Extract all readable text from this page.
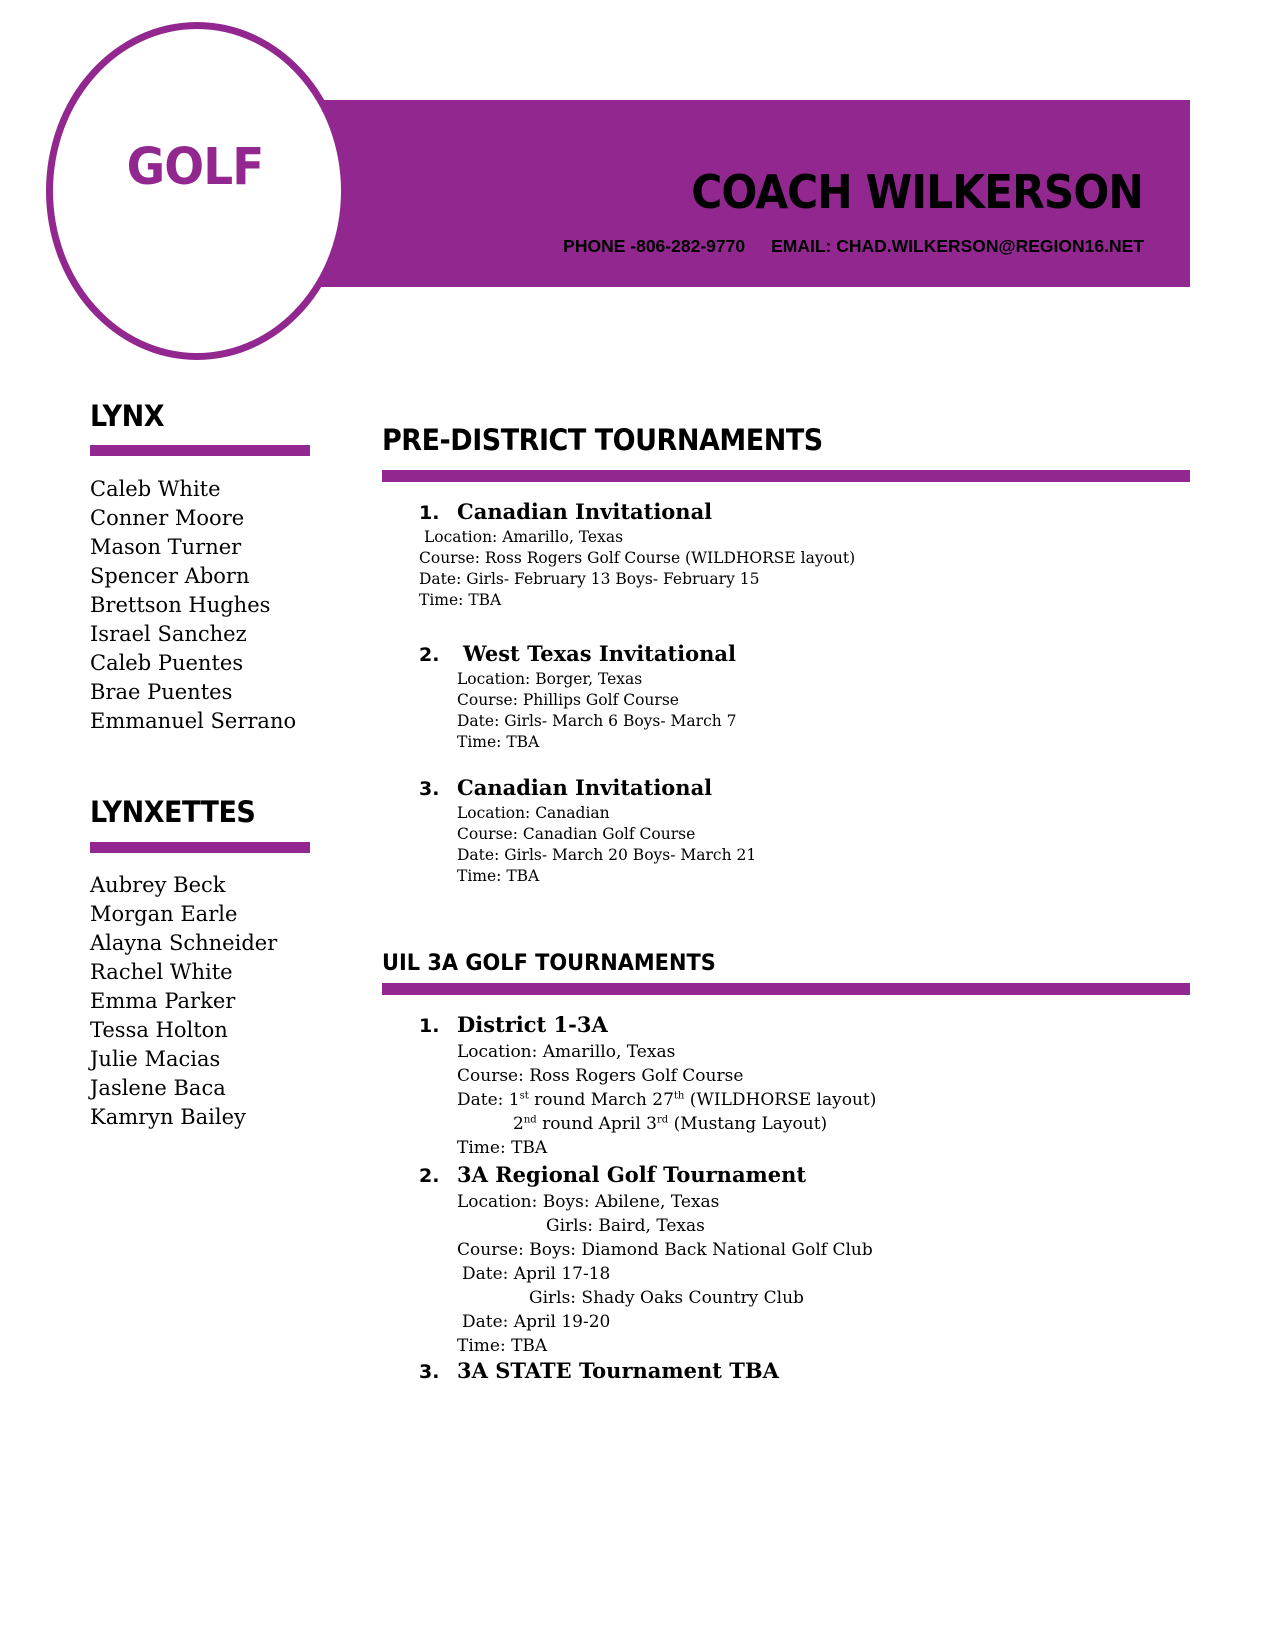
GOLF	COACH WILKERSON
PHONE -806-282-9770 EMAIL: CHAD.WILKERSON@REGION16.NET
LYNX
Caleb White
Conner Moore
Mason Turner
Spencer Aborn
Brettson Hughes
Israel Sanchez
Caleb Puentes
Brae Puentes
Emmanuel Serrano
LYNXETTES
Aubrey Beck
Morgan Earle
Alayna Schneider
Rachel White
Emma Parker
Tessa Holton
Julie Macias
Jaslene Baca
Kamryn Bailey
PRE-DISTRICT TOURNAMENTS
1. Canadian Invitational
Location: Amarillo, Texas
Course: Ross Rogers Golf Course (WILDHORSE layout)
Date: Girls- February 13 Boys- February 15
Time: TBA
2. West Texas Invitational
Location: Borger, Texas
Course: Phillips Golf Course
Date: Girls- March 6 Boys- March 7
Time: TBA
3. Canadian Invitational
Location: Canadian
Course: Canadian Golf Course
Date: Girls- March 20 Boys- March 21
Time: TBA
UIL 3A GOLF TOURNAMENTS
1. District 1-3A
Location: Amarillo, Texas
Course: Ross Rogers Golf Course
Date: 1st round March 27th (WILDHORSE layout)
2nd round April 3rd (Mustang Layout)
Time: TBA
2. 3A Regional Golf Tournament
Location: Boys: Abilene, Texas
Girls: Baird, Texas
Course: Boys: Diamond Back National Golf Club
Date: April 17-18
Girls: Shady Oaks Country Club
Date: April 19-20
Time: TBA
3. 3A STATE Tournament TBA
